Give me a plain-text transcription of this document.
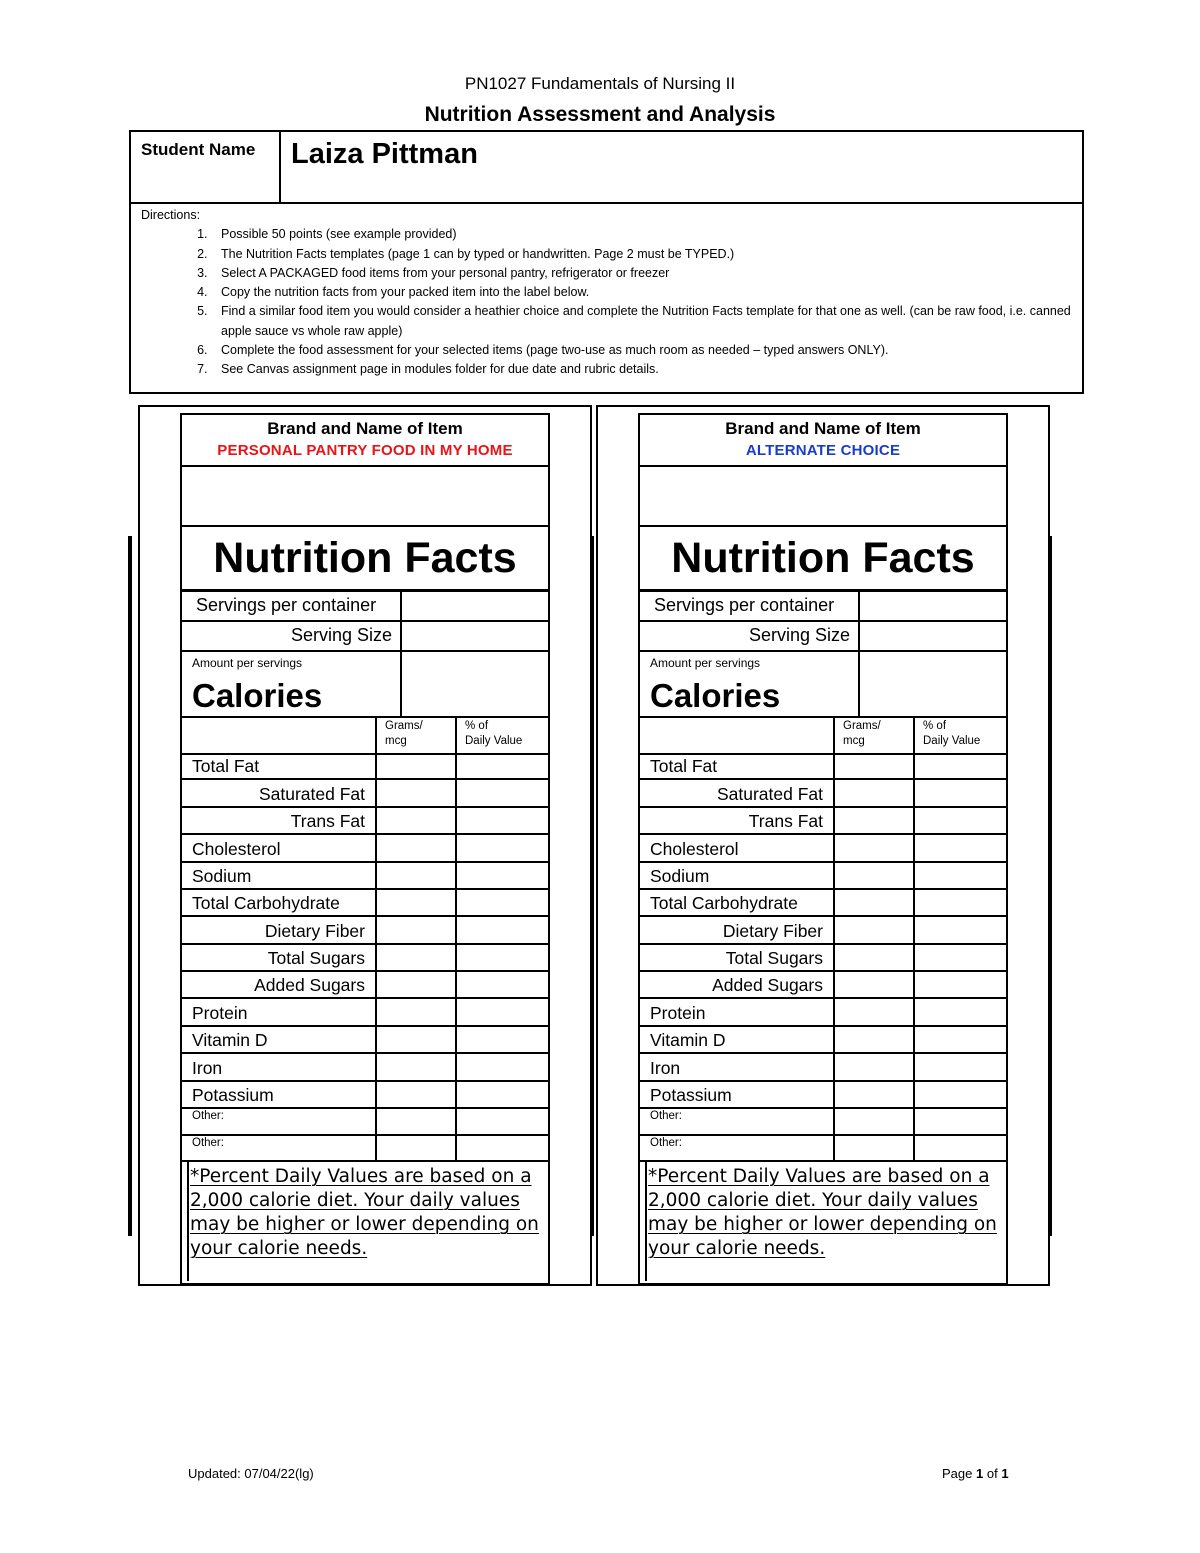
PN1027 Fundamentals of Nursing II
Nutrition Assessment and Analysis
Student Name	Laiza Pittman
Directions:
1. Possible 50 points (see example provided)
2. The Nutrition Facts templates (page 1 can by typed or handwritten. Page 2 must be TYPED.)
3. Select A PACKAGED food items from your personal pantry, refrigerator or freezer
4. Copy the nutrition facts from your packed item into the label below.
5. Find a similar food item you would consider a heathier choice and complete the Nutrition Facts template for that one as well. (can be raw food, i.e. canned apple sauce vs whole raw apple)
6. Complete the food assessment for your selected items (page two-use as much room as needed – typed answers ONLY).
7. See Canvas assignment page in modules folder for due date and rubric details.
Brand and Name of Item
PERSONAL PANTRY FOOD IN MY HOME
Nutrition Facts
Servings per container
Serving Size
Amount per servings
Calories
Grams/
mcg
% of
Daily Value
Total Fat
Saturated Fat
Trans Fat
Cholesterol
Sodium
Total Carbohydrate
Dietary Fiber
Total Sugars
Added Sugars
Protein
Vitamin D
Iron
Potassium
Other:
Other:
*Percent Daily Values are based on a 2,000 calorie diet. Your daily values may be higher or lower depending on your calorie needs.
Brand and Name of Item
ALTERNATE CHOICE
Nutrition Facts
Servings per container
Serving Size
Amount per servings
Calories
Grams/
mcg
% of
Daily Value
Total Fat
Saturated Fat
Trans Fat
Cholesterol
Sodium
Total Carbohydrate
Dietary Fiber
Total Sugars
Added Sugars
Protein
Vitamin D
Iron
Potassium
Other:
Other:
*Percent Daily Values are based on a 2,000 calorie diet. Your daily values may be higher or lower depending on your calorie needs.
Updated: 07/04/22(lg)	Page 1 of 1
